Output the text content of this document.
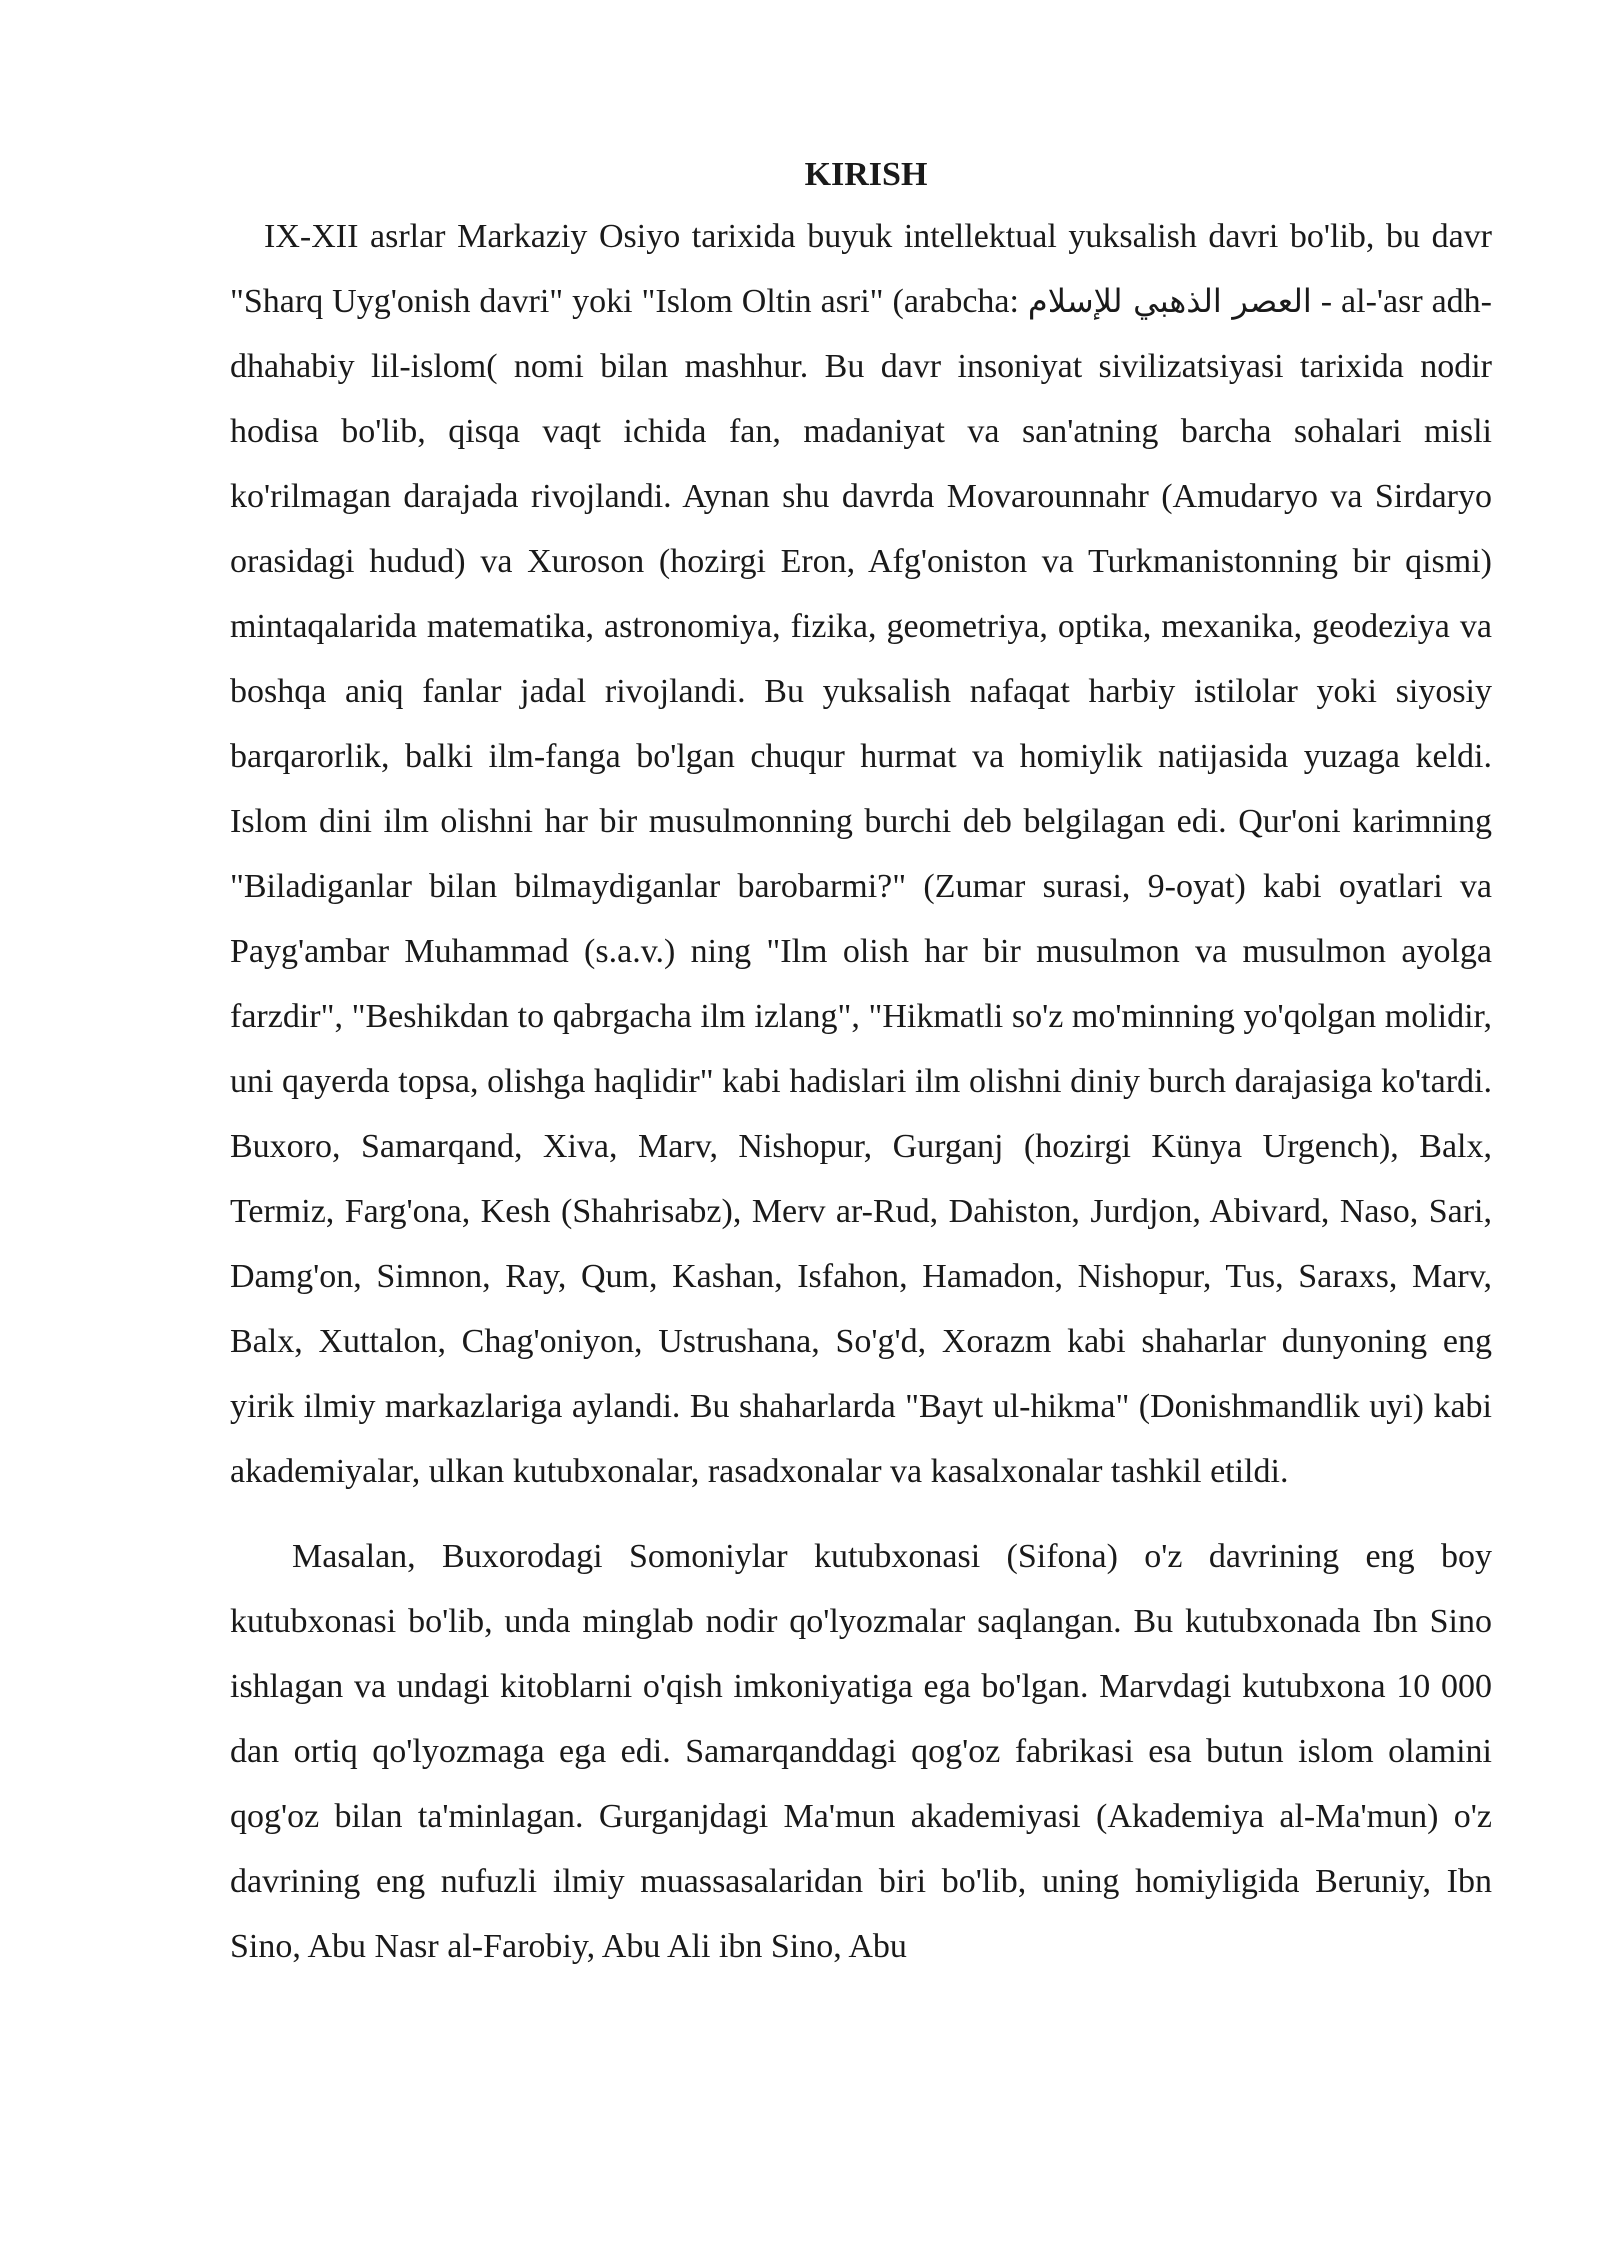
KIRISH

IX-XII asrlar Markaziy Osiyo tarixida buyuk intellektual yuksalish davri bo'lib, bu davr "Sharq Uyg'onish davri" yoki "Islom Oltin asri" (arabcha: العصر الذهبي للإسلام - al-'asr adh-dhahabiy lil-islom( nomi bilan mashhur. Bu davr insoniyat sivilizatsiyasi tarixida nodir hodisa bo'lib, qisqa vaqt ichida fan, madaniyat va san'atning barcha sohalari misli ko'rilmagan darajada rivojlandi. Aynan shu davrda Movarounnahr (Amudaryo va Sirdaryo orasidagi hudud) va Xuroson (hozirgi Eron, Afg'oniston va Turkmanistonning bir qismi) mintaqalarida matematika, astronomiya, fizika, geometriya, optika, mexanika, geodeziya va boshqa aniq fanlar jadal rivojlandi. Bu yuksalish nafaqat harbiy istilolar yoki siyosiy barqarorlik, balki ilm-fanga bo'lgan chuqur hurmat va homiylik natijasida yuzaga keldi. Islom dini ilm olishni har bir musulmonning burchi deb belgilagan edi. Qur'oni karimning "Biladiganlar bilan bilmaydiganlar barobarmi?" (Zumar surasi, 9-oyat) kabi oyatlari va Payg'ambar Muhammad (s.a.v.) ning "Ilm olish har bir musulmon va musulmon ayolga farzdir", "Beshikdan to qabrgacha ilm izlang", "Hikmatli so'z mo'minning yo'qolgan molidir, uni qayerda topsa, olishga haqlidir" kabi hadislari ilm olishni diniy burch darajasiga ko'tardi. Buxoro, Samarqand, Xiva, Marv, Nishopur, Gurganj (hozirgi Künya Urgench), Balx, Termiz, Farg'ona, Kesh (Shahrisabz), Merv ar-Rud, Dahiston, Jurdjon, Abivard, Naso, Sari, Damg'on, Simnon, Ray, Qum, Kashan, Isfahon, Hamadon, Nishopur, Tus, Saraxs, Marv, Balx, Xuttalon, Chag'oniyon, Ustrushana, So'g'd, Xorazm kabi shaharlar dunyoning eng yirik ilmiy markazlariga aylandi. Bu shaharlarda "Bayt ul-hikma" (Donishmandlik uyi) kabi akademiyalar, ulkan kutubxonalar, rasadxonalar va kasalxonalar tashkil etildi.

Masalan, Buxorodagi Somoniylar kutubxonasi (Sifona) o'z davrining eng boy kutubxonasi bo'lib, unda minglab nodir qo'lyozmalar saqlangan. Bu kutubxonada Ibn Sino ishlagan va undagi kitoblarni o'qish imkoniyatiga ega bo'lgan. Marvdagi kutubxona 10 000 dan ortiq qo'lyozmaga ega edi. Samarqanddagi qog'oz fabrikasi esa butun islom olamini qog'oz bilan ta'minlagan. Gurganjdagi Ma'mun akademiyasi (Akademiya al-Ma'mun) o'z davrining eng nufuzli ilmiy muassasalaridan biri bo'lib, uning homiyligida Beruniy, Ibn Sino, Abu Nasr al-Farobiy, Abu Ali ibn Sino, Abu
